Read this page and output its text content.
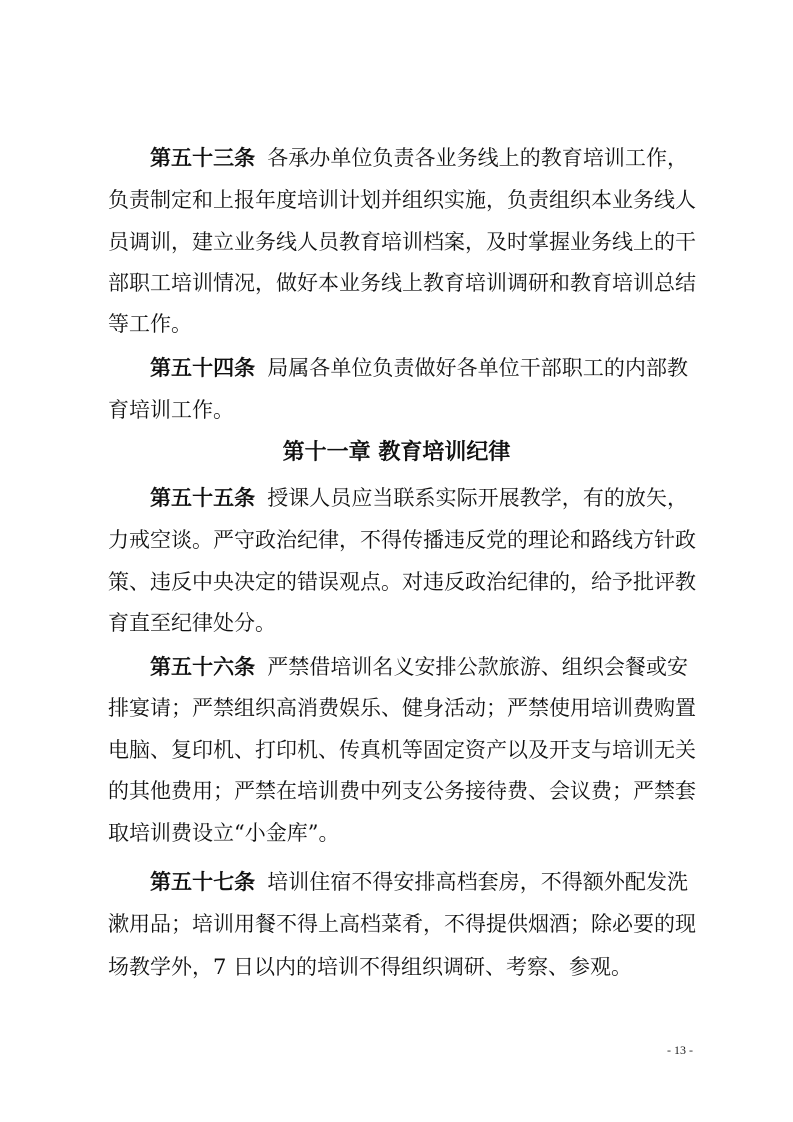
第五十三条 各承办单位负责各业务线上的教育培训工作，
负责制定和上报年度培训计划并组织实施，负责组织本业务线人
员调训，建立业务线人员教育培训档案，及时掌握业务线上的干
部职工培训情况，做好本业务线上教育培训调研和教育培训总结
等工作。
第五十四条 局属各单位负责做好各单位干部职工的内部教
育培训工作。
第十一章 教育培训纪律
第五十五条 授课人员应当联系实际开展教学，有的放矢，
力戒空谈。严守政治纪律，不得传播违反党的理论和路线方针政
策、违反中央决定的错误观点。对违反政治纪律的，给予批评教
育直至纪律处分。
第五十六条 严禁借培训名义安排公款旅游、组织会餐或安
排宴请；严禁组织高消费娱乐、健身活动；严禁使用培训费购置
电脑、复印机、打印机、传真机等固定资产以及开支与培训无关
的其他费用；严禁在培训费中列支公务接待费、会议费；严禁套
取培训费设立“小金库”。
第五十七条 培训住宿不得安排高档套房，不得额外配发洗
漱用品；培训用餐不得上高档菜肴，不得提供烟酒；除必要的现
场教学外，7 日以内的培训不得组织调研、考察、参观。
- 13 -
